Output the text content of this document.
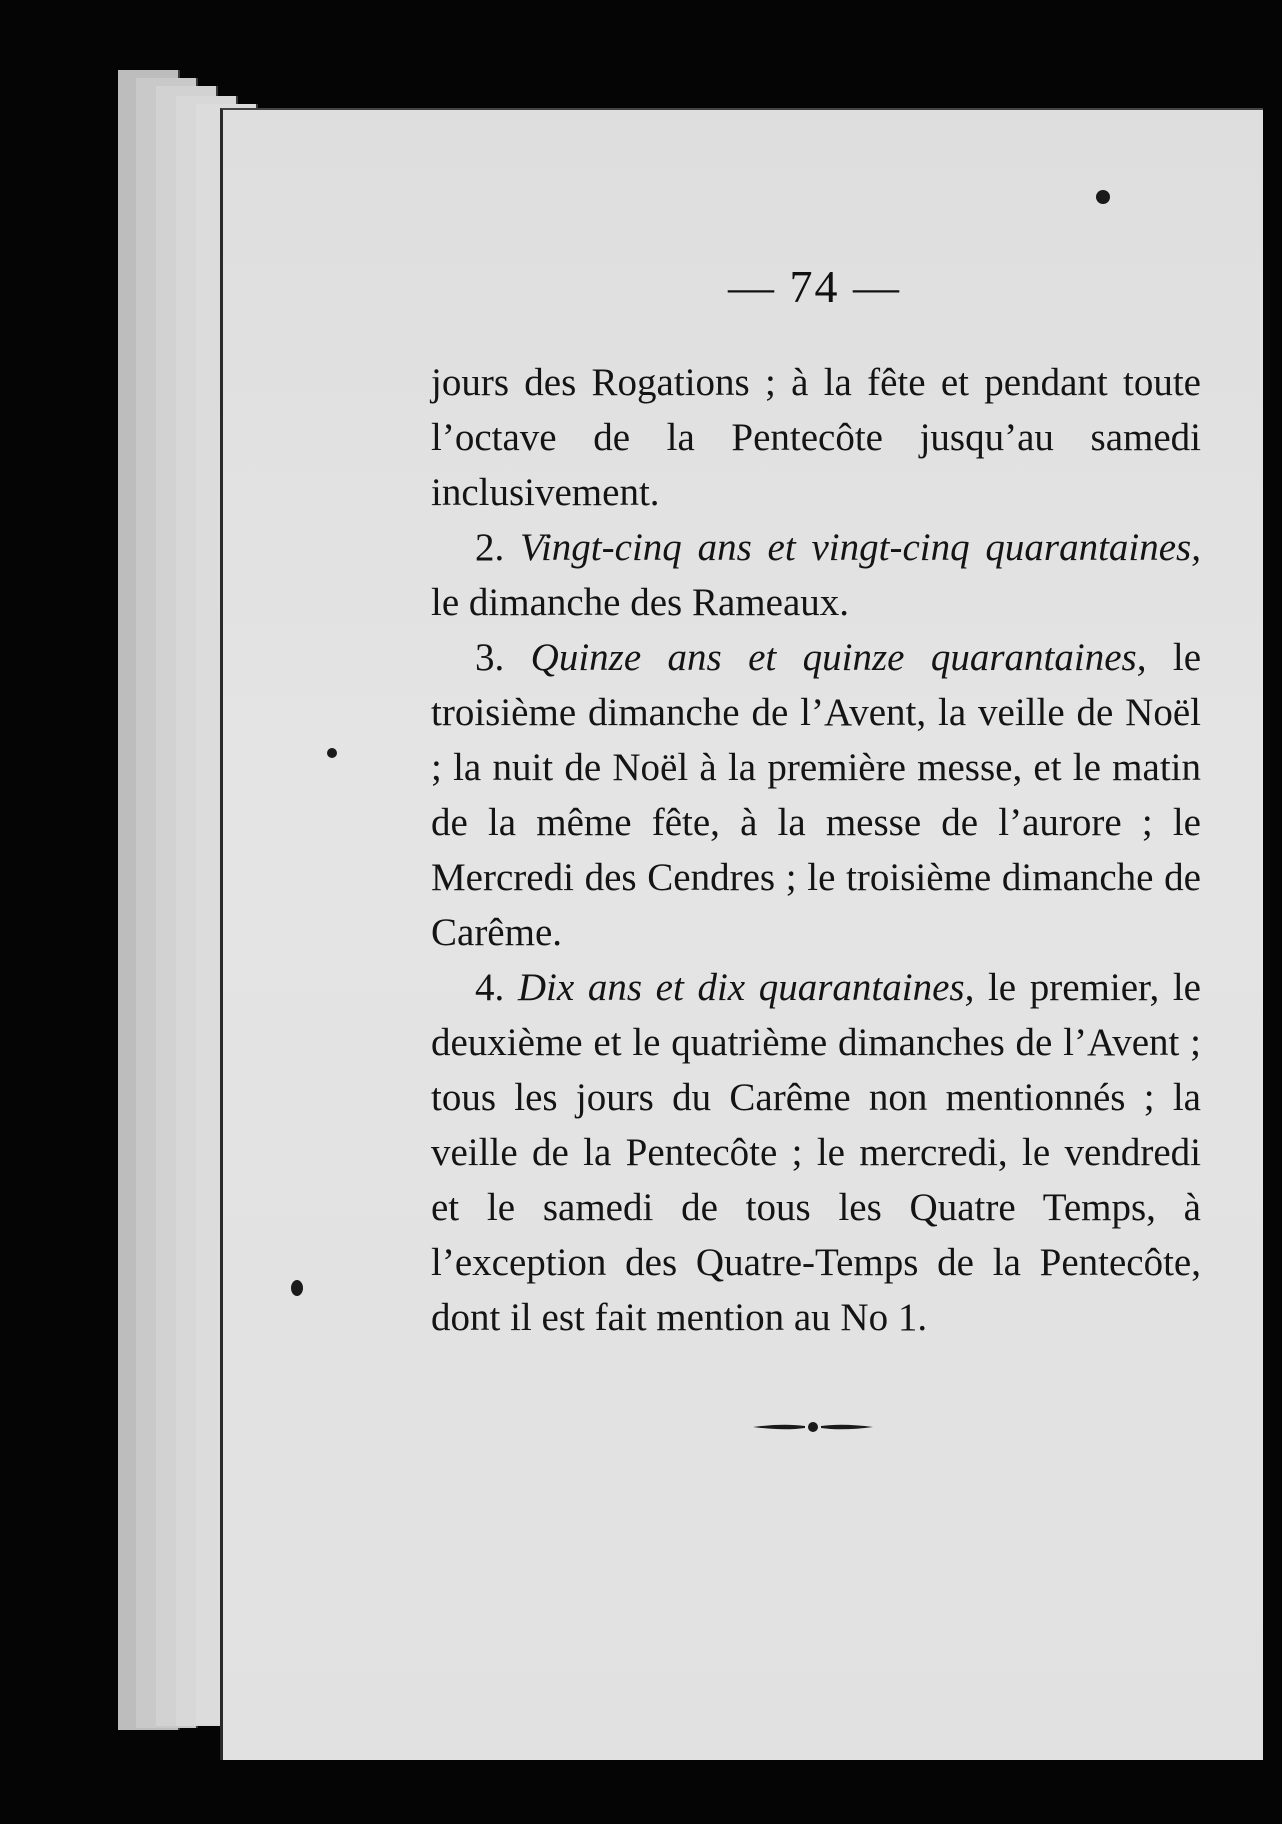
— 74 —

jours des Rogations ; à la fête et pendant toute l’octave de la Pentecôte jusqu’au samedi inclusivement.

2. Vingt-cinq ans et vingt-cinq quarantaines, le dimanche des Rameaux.

3. Quinze ans et quinze quarantaines, le troisième dimanche de l’Avent, la veille de Noël ; la nuit de Noël à la première messe, et le matin de la même fête, à la messe de l’aurore ; le Mercredi des Cendres ; le troisième dimanche de Carême.

4. Dix ans et dix quarantaines, le premier, le deuxième et le quatrième dimanches de l’Avent ; tous les jours du Carême non mentionnés ; la veille de la Pentecôte ; le mercredi, le vendredi et le samedi de tous les Quatre Temps, à l’exception des Quatre-Temps de la Pentecôte, dont il est fait mention au No 1.
